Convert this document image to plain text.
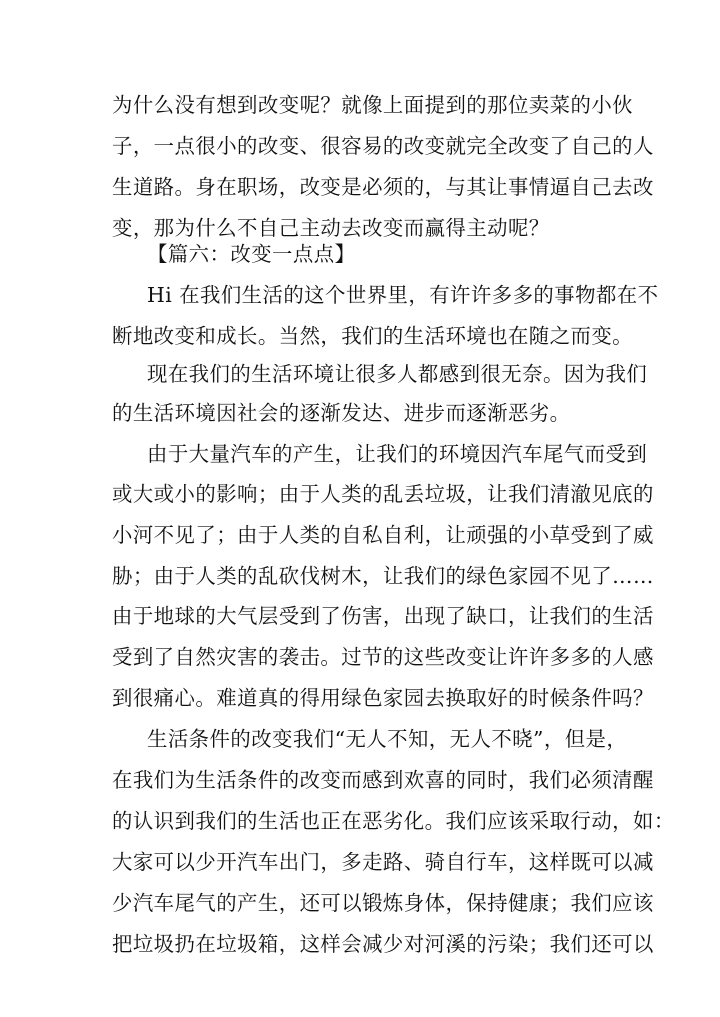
为什么没有想到改变呢？就像上面提到的那位卖菜的小伙
子，一点很小的改变、很容易的改变就完全改变了自己的人
生道路。身在职场，改变是必须的，与其让事情逼自己去改
变，那为什么不自己主动去改变而赢得主动呢？
【篇六：改变一点点】
Hi 在我们生活的这个世界里，有许许多多的事物都在不
断地改变和成长。当然，我们的生活环境也在随之而变。
现在我们的生活环境让很多人都感到很无奈。因为我们
的生活环境因社会的逐渐发达、进步而逐渐恶劣。
由于大量汽车的产生，让我们的环境因汽车尾气而受到
或大或小的影响；由于人类的乱丢垃圾，让我们清澈见底的
小河不见了；由于人类的自私自利，让顽强的小草受到了威
胁；由于人类的乱砍伐树木，让我们的绿色家园不见了……
由于地球的大气层受到了伤害，出现了缺口，让我们的生活
受到了自然灾害的袭击。过节的这些改变让许许多多的人感
到很痛心。难道真的得用绿色家园去换取好的时候条件吗？
生活条件的改变我们“无人不知，无人不晓”，但是，
在我们为生活条件的改变而感到欢喜的同时，我们必须清醒
的认识到我们的生活也正在恶劣化。我们应该采取行动，如：
大家可以少开汽车出门，多走路、骑自行车，这样既可以减
少汽车尾气的产生，还可以锻炼身体，保持健康；我们应该
把垃圾扔在垃圾箱，这样会减少对河溪的污染；我们还可以
